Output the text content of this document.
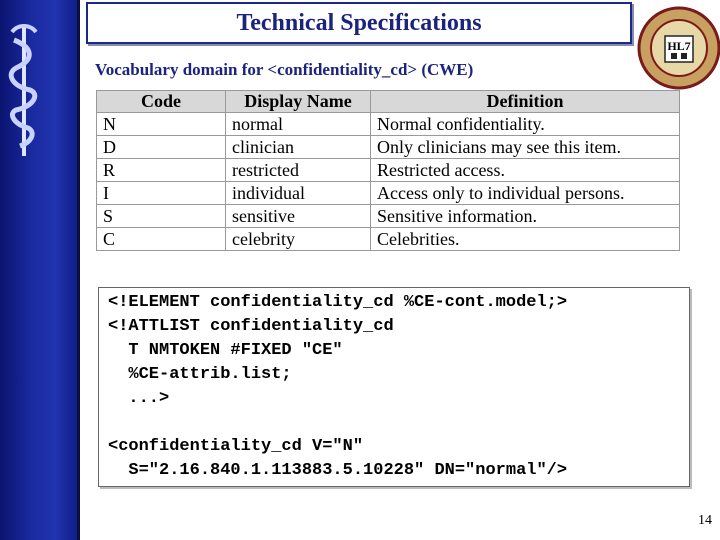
Technical Specifications
HL7
Vocabulary domain for <confidentiality_cd> (CWE)
Code	Display Name	Definition
N	normal	Normal confidentiality.
D	clinician	Only clinicians may see this item.
R	restricted	Restricted access.
I	individual	Access only to individual persons.
S	sensitive	Sensitive information.
C	celebrity	Celebrities.
<!ELEMENT confidentiality_cd %CE-cont.model;>
<!ATTLIST confidentiality_cd
T NMTOKEN #FIXED "CE"
%CE-attrib.list;
...>
<confidentiality_cd V="N"
S="2.16.840.1.113883.5.10228" DN="normal"/>
14
